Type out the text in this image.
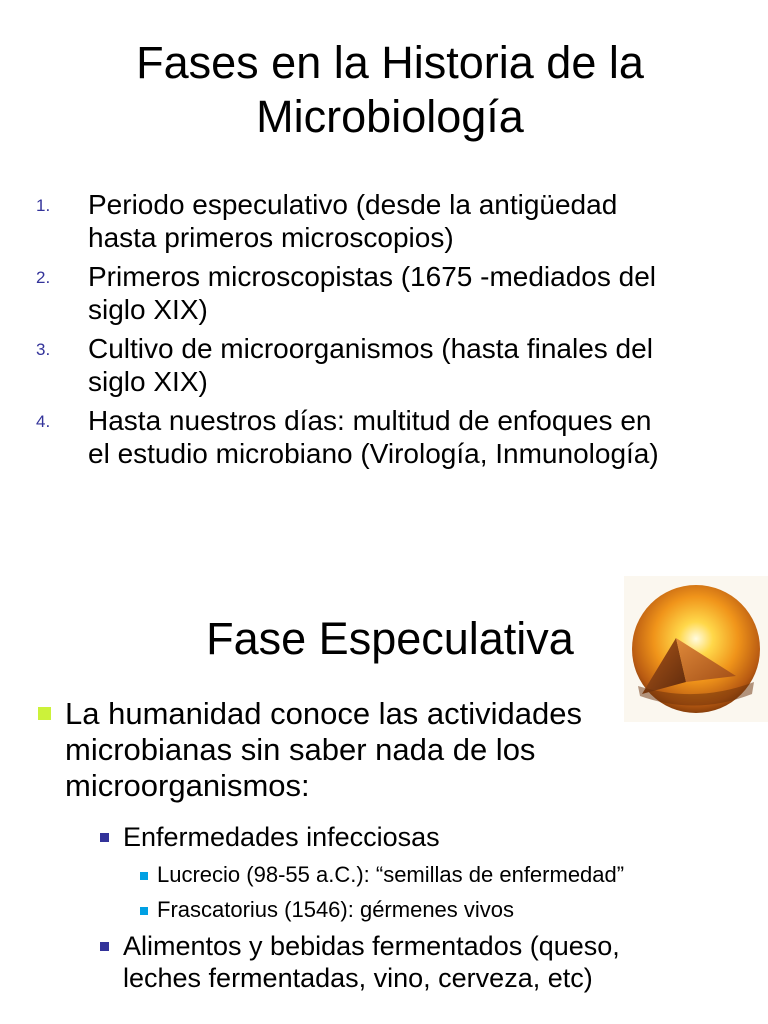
Fases en la Historia de la
Microbiología
1. Periodo especulativo (desde la antigüedad
hasta primeros microscopios)
2. Primeros microscopistas (1675 -mediados del
siglo XIX)
3. Cultivo de microorganismos (hasta finales del
siglo XIX)
4. Hasta nuestros días: multitud de enfoques en
el estudio microbiano (Virología, Inmunología)
Fase Especulativa
La humanidad conoce las actividades
microbianas sin saber nada de los
microorganismos:
Enfermedades infecciosas
Lucrecio (98-55 a.C.): “semillas de enfermedad”
Frascatorius (1546): gérmenes vivos
Alimentos y bebidas fermentados (queso,
leches fermentadas, vino, cerveza, etc)
